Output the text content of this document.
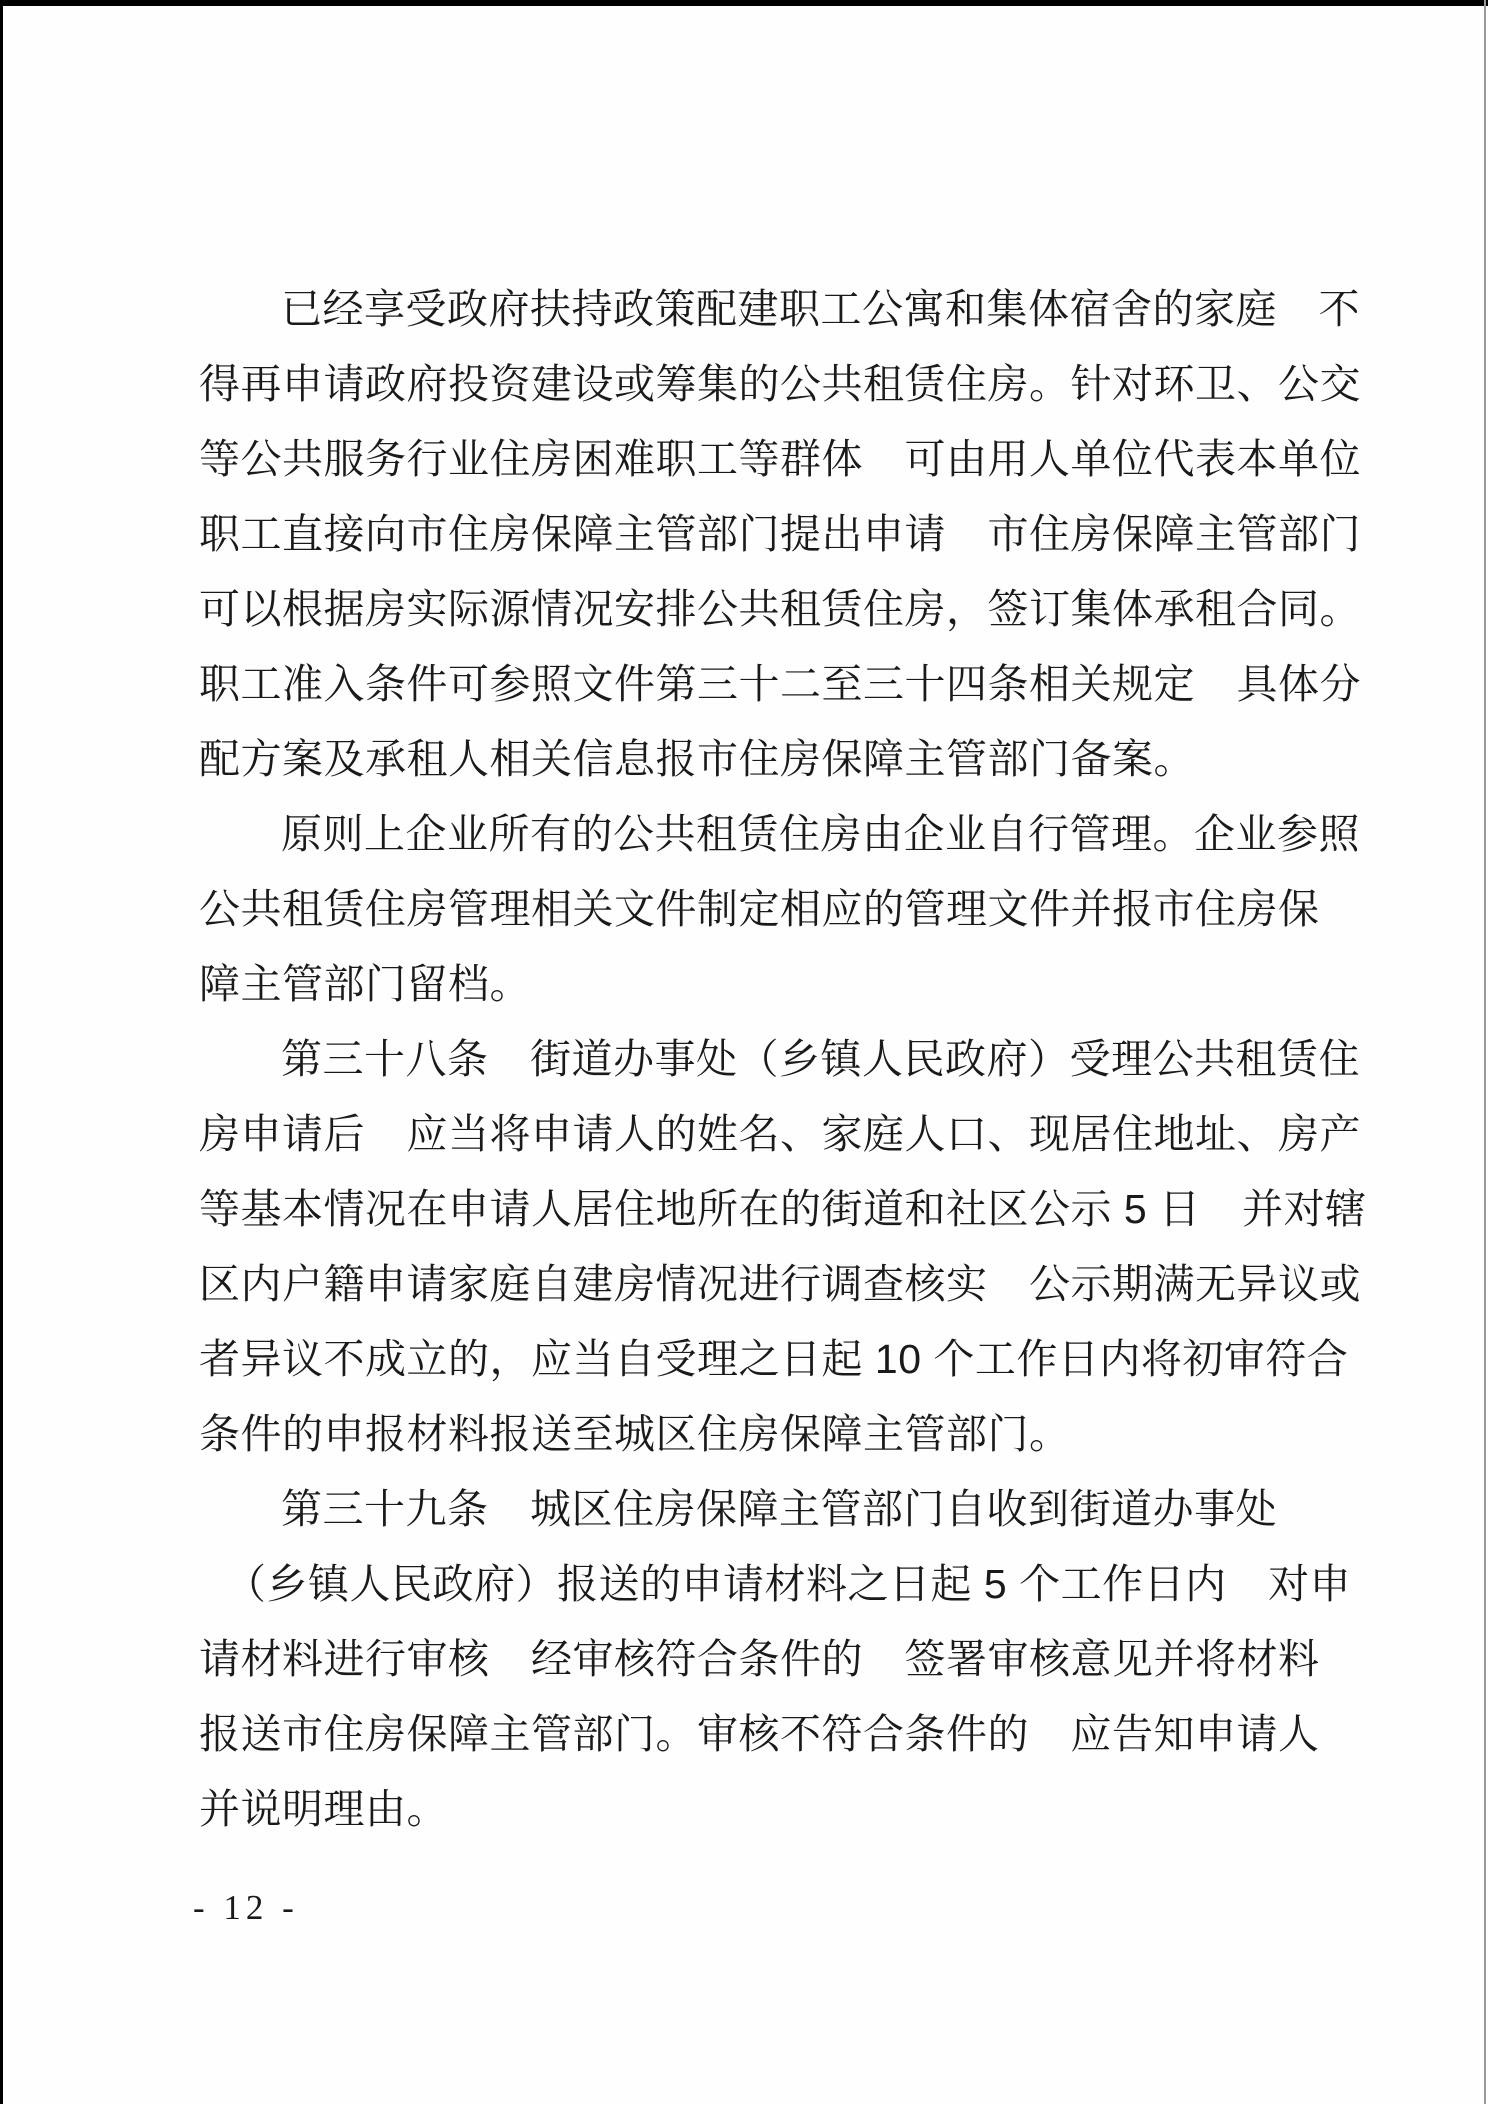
已经享受政府扶持政策配建职工公寓和集体宿舍的家庭　不
得再申请政府投资建设或筹集的公共租赁住房。针对环卫、公交
等公共服务行业住房困难职工等群体　可由用人单位代表本单位
职工直接向市住房保障主管部门提出申请　市住房保障主管部门
可以根据房实际源情况安排公共租赁住房，签订集体承租合同。
职工准入条件可参照文件第三十二至三十四条相关规定　具体分
配方案及承租人相关信息报市住房保障主管部门备案。
原则上企业所有的公共租赁住房由企业自行管理。企业参照
公共租赁住房管理相关文件制定相应的管理文件并报市住房保
障主管部门留档。
第三十八条　街道办事处（乡镇人民政府）受理公共租赁住
房申请后　应当将申请人的姓名、家庭人口、现居住地址、房产
等基本情况在申请人居住地所在的街道和社区公示 5 日　并对辖
区内户籍申请家庭自建房情况进行调查核实　公示期满无异议或
者异议不成立的，应当自受理之日起 10 个工作日内将初审符合
条件的申报材料报送至城区住房保障主管部门。
第三十九条　城区住房保障主管部门自收到街道办事处
（乡镇人民政府）报送的申请材料之日起 5 个工作日内　对申
请材料进行审核　经审核符合条件的　签署审核意见并将材料
报送市住房保障主管部门。审核不符合条件的　应告知申请人
并说明理由。
- 12 -
